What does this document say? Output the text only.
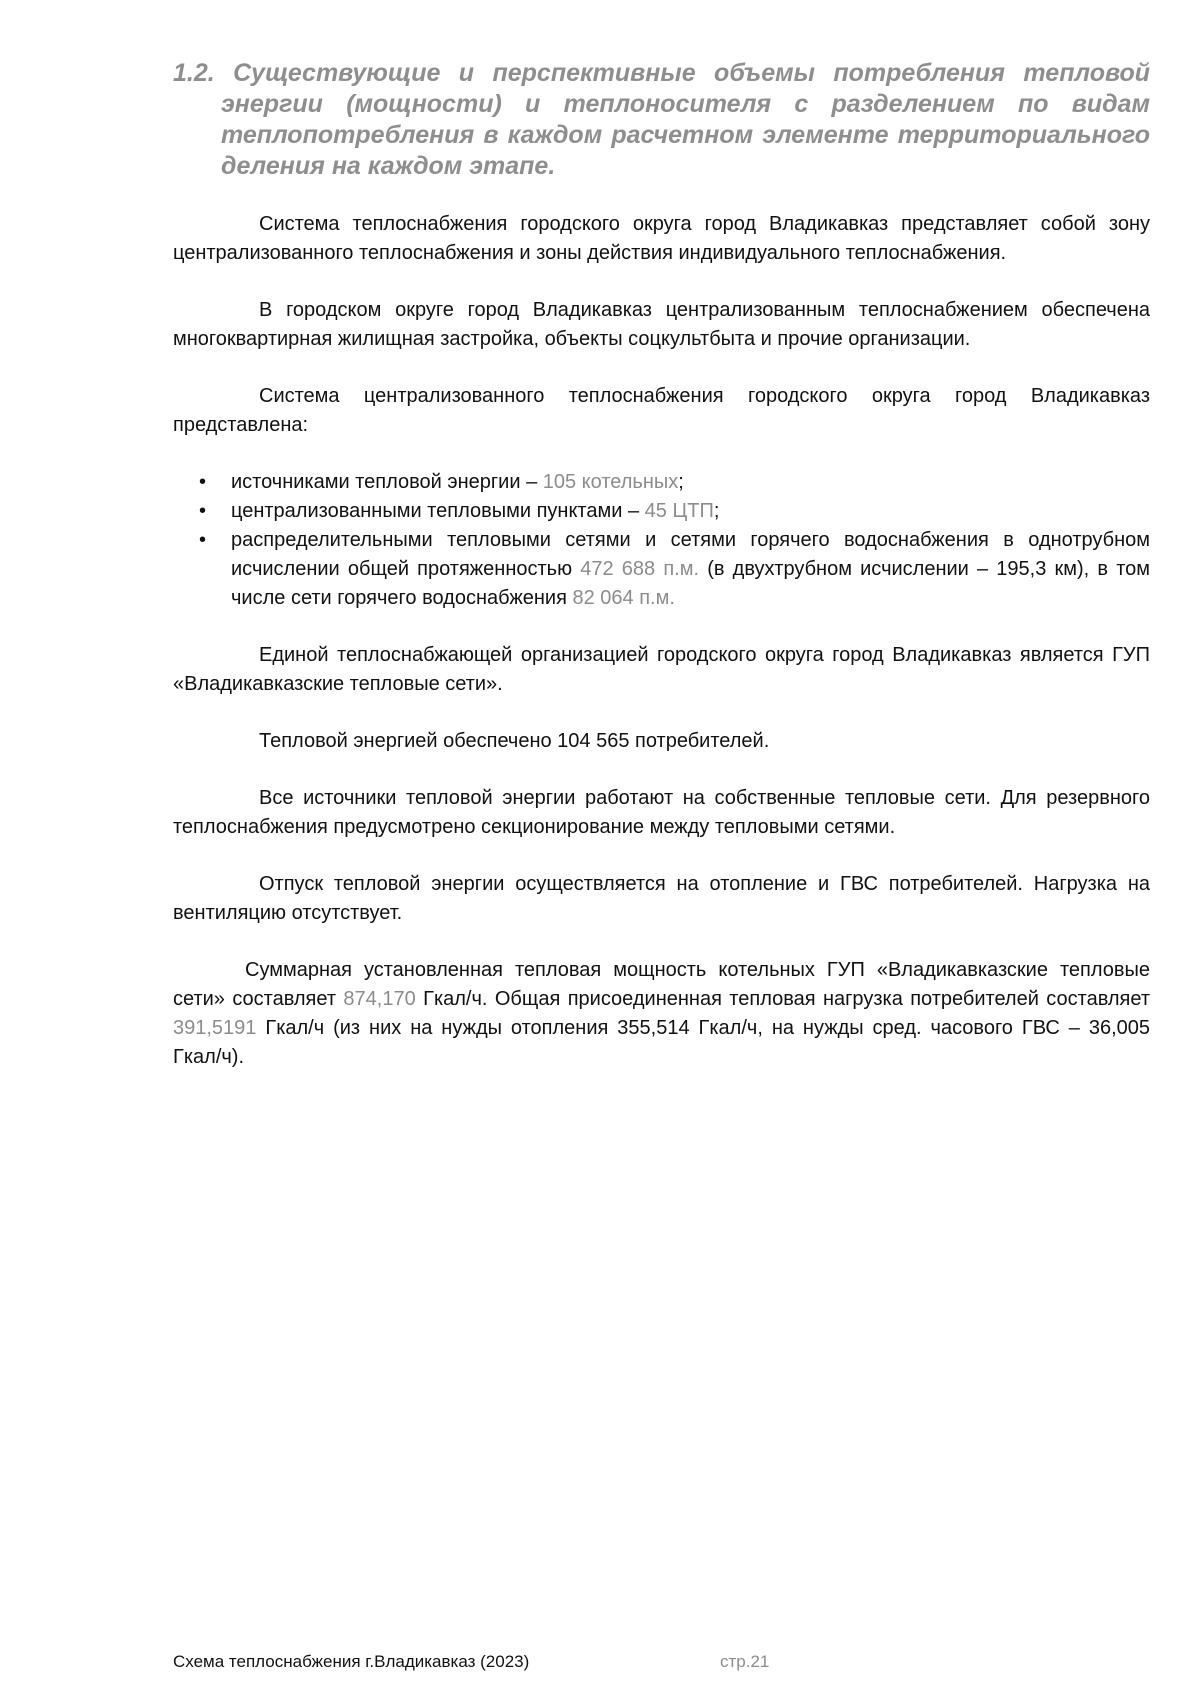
1.2. Существующие и перспективные объемы потребления тепловой энергии (мощности) и теплоносителя с разделением по видам теплопотребления в каждом расчетном элементе территориального деления на каждом этапе.

Система теплоснабжения городского округа город Владикавказ представляет собой зону централизованного теплоснабжения и зоны действия индивидуального теплоснабжения.

В городском округе город Владикавказ централизованным теплоснабжением обеспечена многоквартирная жилищная застройка, объекты соцкультбыта и прочие организации.

Система централизованного теплоснабжения городского округа город Владикавказ представлена:

• источниками тепловой энергии – 105 котельных;
• централизованными тепловыми пунктами – 45 ЦТП;
• распределительными тепловыми сетями и сетями горячего водоснабжения в однотрубном исчислении общей протяженностью 472 688 п.м. (в двухтрубном исчислении – 195,3 км), в том числе сети горячего водоснабжения 82 064 п.м.

Единой теплоснабжающей организацией городского округа город Владикавказ является ГУП «Владикавказские тепловые сети».

Тепловой энергией обеспечено 104 565 потребителей.

Все источники тепловой энергии работают на собственные тепловые сети. Для резервного теплоснабжения предусмотрено секционирование между тепловыми сетями.

Отпуск тепловой энергии осуществляется на отопление и ГВС потребителей. Нагрузка на вентиляцию отсутствует.

Суммарная установленная тепловая мощность котельных ГУП «Владикавказские тепловые сети» составляет 874,170 Гкал/ч. Общая присоединенная тепловая нагрузка потребителей составляет 391,5191 Гкал/ч (из них на нужды отопления 355,514 Гкал/ч, на нужды сред. часового ГВС – 36,005 Гкал/ч).

Схема теплоснабжения г.Владикавказ (2023)	стр.21
